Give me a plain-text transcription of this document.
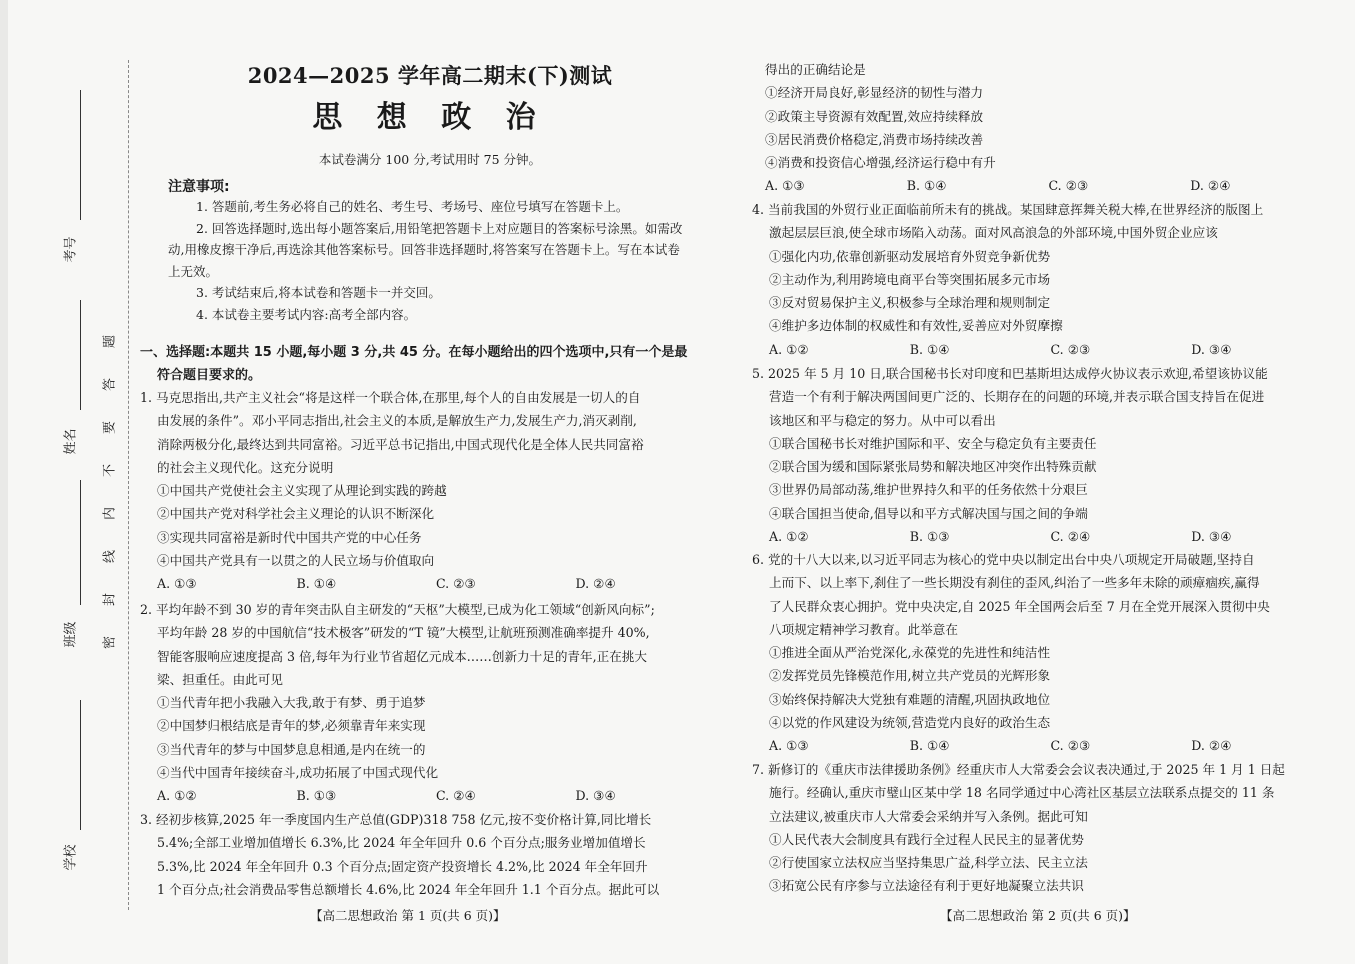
考号
姓名
班级
学校
题
答
要
不
内
线
封
密
2024—2025 学年高二期末(下)测试
思 想 政 治
本试卷满分 100 分,考试用时 75 分钟。
注意事项:

1. 答题前,考生务必将自己的姓名、考生号、考场号、座位号填写在答题卡上。

2. 回答选择题时,选出每小题答案后,用铅笔把答题卡上对应题目的答案标号涂黑。如需改动,用橡皮擦干净后,再选涂其他答案标号。回答非选择题时,将答案写在答题卡上。写在本试卷上无效。

3. 考试结束后,将本试卷和答题卡一并交回。

4. 本试卷主要考试内容:高考全部内容。

一、选择题:本题共 15 小题,每小题 3 分,共 45 分。在每小题给出的四个选项中,只有一个是最
符合题目要求的。

1. 马克思指出,共产主义社会“将是这样一个联合体,在那里,每个人的自由发展是一切人的自

由发展的条件”。邓小平同志指出,社会主义的本质,是解放生产力,发展生产力,消灭剥削,

消除两极分化,最终达到共同富裕。习近平总书记指出,中国式现代化是全体人民共同富裕

的社会主义现代化。这充分说明

①中国共产党使社会主义实现了从理论到实践的跨越

②中国共产党对科学社会主义理论的认识不断深化

③实现共同富裕是新时代中国共产党的中心任务

④中国共产党具有一以贯之的人民立场与价值取向

A. ①③	B. ①④	C. ②③	D. ②④

2. 平均年龄不到 30 岁的青年突击队自主研发的“天枢”大模型,已成为化工领域“创新风向标”;

平均年龄 28 岁的中国航信“技术极客”研发的“T 镜”大模型,让航班预测准确率提升 40%,

智能客服响应速度提高 3 倍,每年为行业节省超亿元成本……创新力十足的青年,正在挑大

梁、担重任。由此可见

①当代青年把小我融入大我,敢于有梦、勇于追梦

②中国梦归根结底是青年的梦,必须靠青年来实现

③当代青年的梦与中国梦息息相通,是内在统一的

④当代中国青年接续奋斗,成功拓展了中国式现代化

A. ①②	B. ①③	C. ②④	D. ③④

3. 经初步核算,2025 年一季度国内生产总值(GDP)318 758 亿元,按不变价格计算,同比增长

5.4%;全部工业增加值增长 6.3%,比 2024 年全年回升 0.6 个百分点;服务业增加值增长

5.3%,比 2024 年全年回升 0.3 个百分点;固定资产投资增长 4.2%,比 2024 年全年回升

1 个百分点;社会消费品零售总额增长 4.6%,比 2024 年全年回升 1.1 个百分点。据此可以

【高二思想政治 第 1 页(共 6 页)】

得出的正确结论是

①经济开局良好,彰显经济的韧性与潜力

②政策主导资源有效配置,效应持续释放

③居民消费价格稳定,消费市场持续改善

④消费和投资信心增强,经济运行稳中有升

A. ①③	B. ①④	C. ②③	D. ②④

4. 当前我国的外贸行业正面临前所未有的挑战。某国肆意挥舞关税大棒,在世界经济的版图上

激起层层巨浪,使全球市场陷入动荡。面对风高浪急的外部环境,中国外贸企业应该

①强化内功,依靠创新驱动发展培育外贸竞争新优势

②主动作为,利用跨境电商平台等突围拓展多元市场

③反对贸易保护主义,积极参与全球治理和规则制定

④维护多边体制的权威性和有效性,妥善应对外贸摩擦

A. ①②	B. ①④	C. ②③	D. ③④

5. 2025 年 5 月 10 日,联合国秘书长对印度和巴基斯坦达成停火协议表示欢迎,希望该协议能

营造一个有利于解决两国间更广泛的、长期存在的问题的环境,并表示联合国支持旨在促进

该地区和平与稳定的努力。从中可以看出

①联合国秘书长对维护国际和平、安全与稳定负有主要责任

②联合国为缓和国际紧张局势和解决地区冲突作出特殊贡献

③世界仍局部动荡,维护世界持久和平的任务依然十分艰巨

④联合国担当使命,倡导以和平方式解决国与国之间的争端

A. ①②	B. ①③	C. ②④	D. ③④

6. 党的十八大以来,以习近平同志为核心的党中央以制定出台中央八项规定开局破题,坚持自

上而下、以上率下,刹住了一些长期没有刹住的歪风,纠治了一些多年未除的顽瘴痼疾,赢得

了人民群众衷心拥护。党中央决定,自 2025 年全国两会后至 7 月在全党开展深入贯彻中央

八项规定精神学习教育。此举意在

①推进全面从严治党深化,永葆党的先进性和纯洁性

②发挥党员先锋模范作用,树立共产党员的光辉形象

③始终保持解决大党独有难题的清醒,巩固执政地位

④以党的作风建设为统领,营造党内良好的政治生态

A. ①③	B. ①④	C. ②③	D. ②④

7. 新修订的《重庆市法律援助条例》经重庆市人大常委会会议表决通过,于 2025 年 1 月 1 日起

施行。经确认,重庆市璧山区某中学 18 名同学通过中心湾社区基层立法联系点提交的 11 条

立法建议,被重庆市人大常委会采纳并写入条例。据此可知

①人民代表大会制度具有践行全过程人民民主的显著优势

②行使国家立法权应当坚持集思广益,科学立法、民主立法

③拓宽公民有序参与立法途径有利于更好地凝聚立法共识

【高二思想政治 第 2 页(共 6 页)】
